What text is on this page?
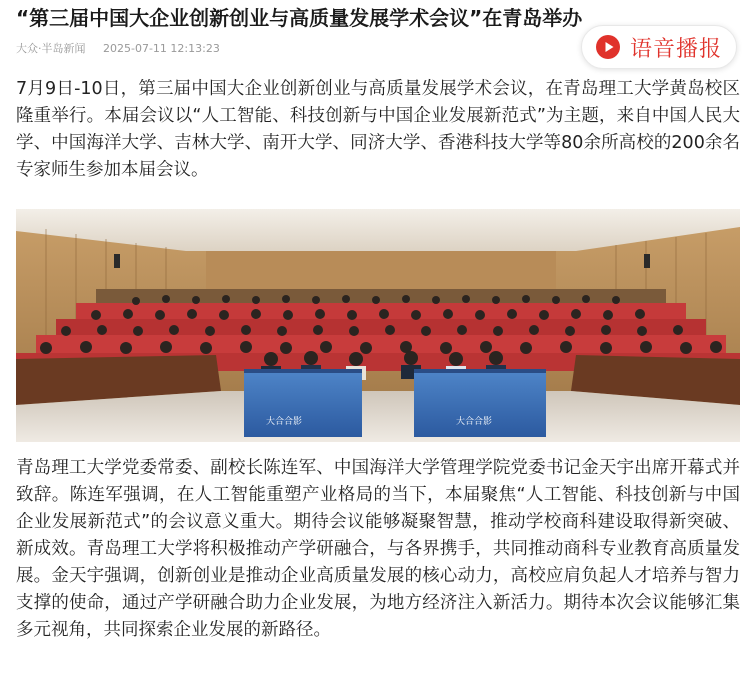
“第三届中国大企业创新创业与高质量发展学术会议”在青岛举办
大众·半岛新闻 2025-07-11 12:13:23	语音播报

7月9日-10日，第三届中国大企业创新创业与高质量发展学术会议，在青岛理工大学黄岛校区隆重举行。本届会议以“人工智能、科技创新与中国企业发展新范式”为主题，来自中国人民大学、中国海洋大学、吉林大学、南开大学、同济大学、香港科技大学等80余所高校的200余名专家师生参加本届会议。

大合合影	大合合影

青岛理工大学党委常委、副校长陈连军、中国海洋大学管理学院党委书记金天宇出席开幕式并致辞。陈连军强调，在人工智能重塑产业格局的当下，本届聚焦“人工智能、科技创新与中国企业发展新范式”的会议意义重大。期待会议能够凝聚智慧，推动学校商科建设取得新突破、新成效。青岛理工大学将积极推动产学研融合，与各界携手，共同推动商科专业教育高质量发展。金天宇强调，创新创业是推动企业高质量发展的核心动力，高校应肩负起人才培养与智力支撑的使命，通过产学研融合助力企业发展，为地方经济注入新活力。期待本次会议能够汇集多元视角，共同探索企业发展的新路径。
